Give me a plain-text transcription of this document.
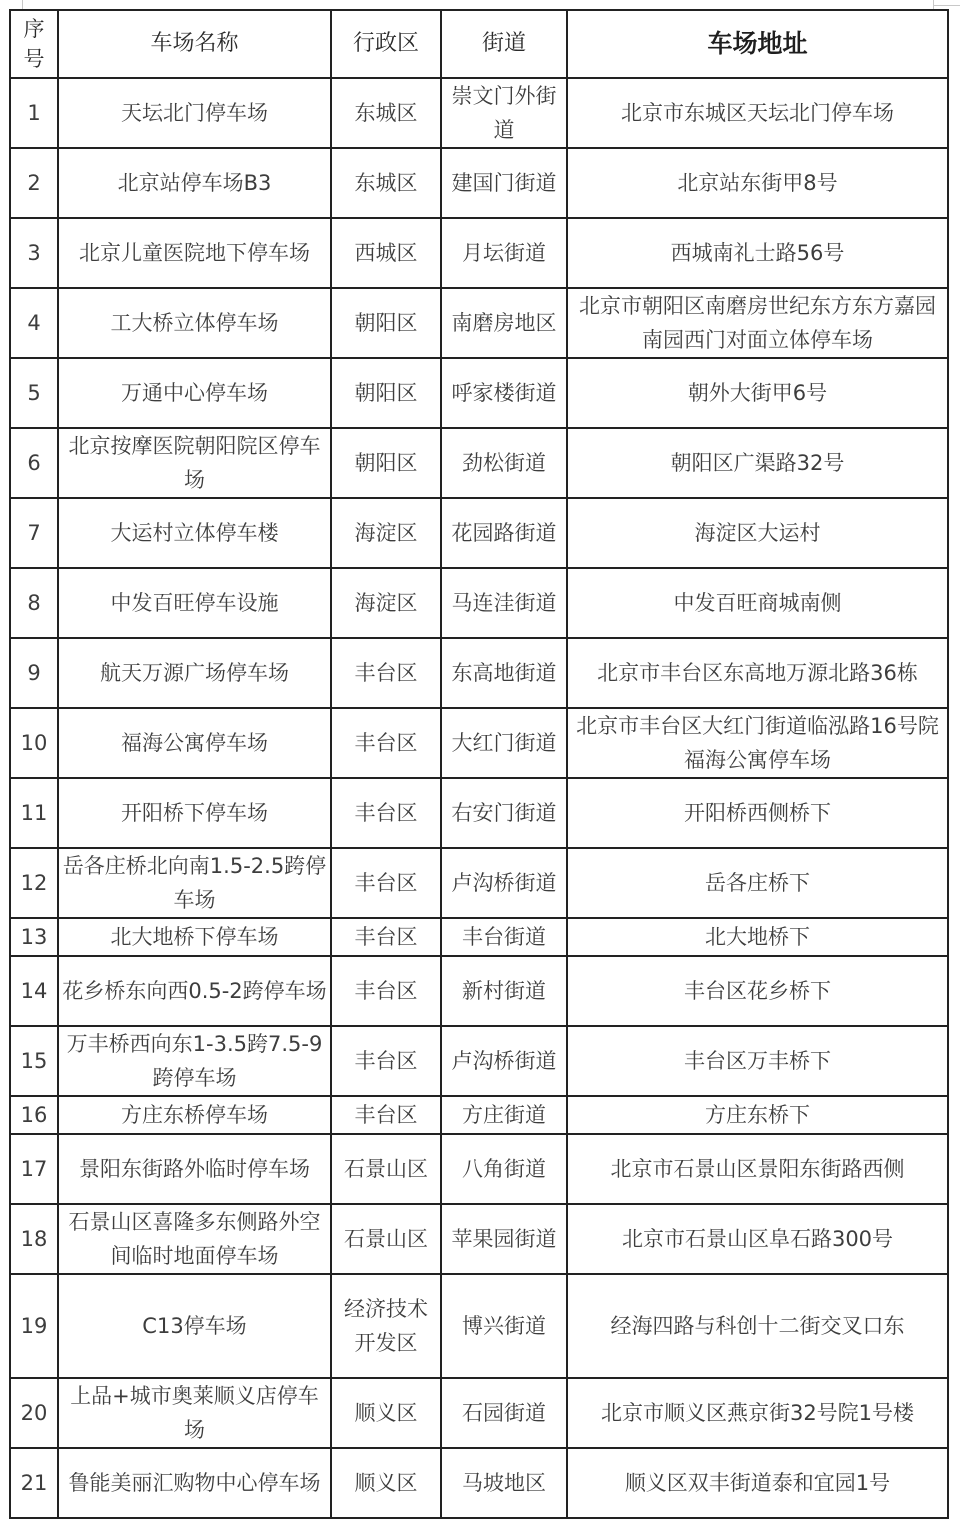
序号	车场名称	行政区	街道	车场地址
1	天坛北门停车场	东城区	崇文门外街道	北京市东城区天坛北门停车场
2	北京站停车场B3	东城区	建国门街道	北京站东街甲8号
3	北京儿童医院地下停车场	西城区	月坛街道	西城南礼士路56号
4	工大桥立体停车场	朝阳区	南磨房地区	北京市朝阳区南磨房世纪东方东方嘉园南园西门对面立体停车场
5	万通中心停车场	朝阳区	呼家楼街道	朝外大街甲6号
6	北京按摩医院朝阳院区停车场	朝阳区	劲松街道	朝阳区广渠路32号
7	大运村立体停车楼	海淀区	花园路街道	海淀区大运村
8	中发百旺停车设施	海淀区	马连洼街道	中发百旺商城南侧
9	航天万源广场停车场	丰台区	东高地街道	北京市丰台区东高地万源北路36栋
10	福海公寓停车场	丰台区	大红门街道	北京市丰台区大红门街道临泓路16号院福海公寓停车场
11	开阳桥下停车场	丰台区	右安门街道	开阳桥西侧桥下
12	岳各庄桥北向南1.5-2.5跨停车场	丰台区	卢沟桥街道	岳各庄桥下
13	北大地桥下停车场	丰台区	丰台街道	北大地桥下
14	花乡桥东向西0.5-2跨停车场	丰台区	新村街道	丰台区花乡桥下
15	万丰桥西向东1-3.5跨7.5-9跨停车场	丰台区	卢沟桥街道	丰台区万丰桥下
16	方庄东桥停车场	丰台区	方庄街道	方庄东桥下
17	景阳东街路外临时停车场	石景山区	八角街道	北京市石景山区景阳东街路西侧
18	石景山区喜隆多东侧路外空间临时地面停车场	石景山区	苹果园街道	北京市石景山区阜石路300号
19	C13停车场	经济技术开发区	博兴街道	经海四路与科创十二街交叉口东
20	上品+城市奥莱顺义店停车场	顺义区	石园街道	北京市顺义区燕京街32号院1号楼
21	鲁能美丽汇购物中心停车场	顺义区	马坡地区	顺义区双丰街道泰和宜园1号
